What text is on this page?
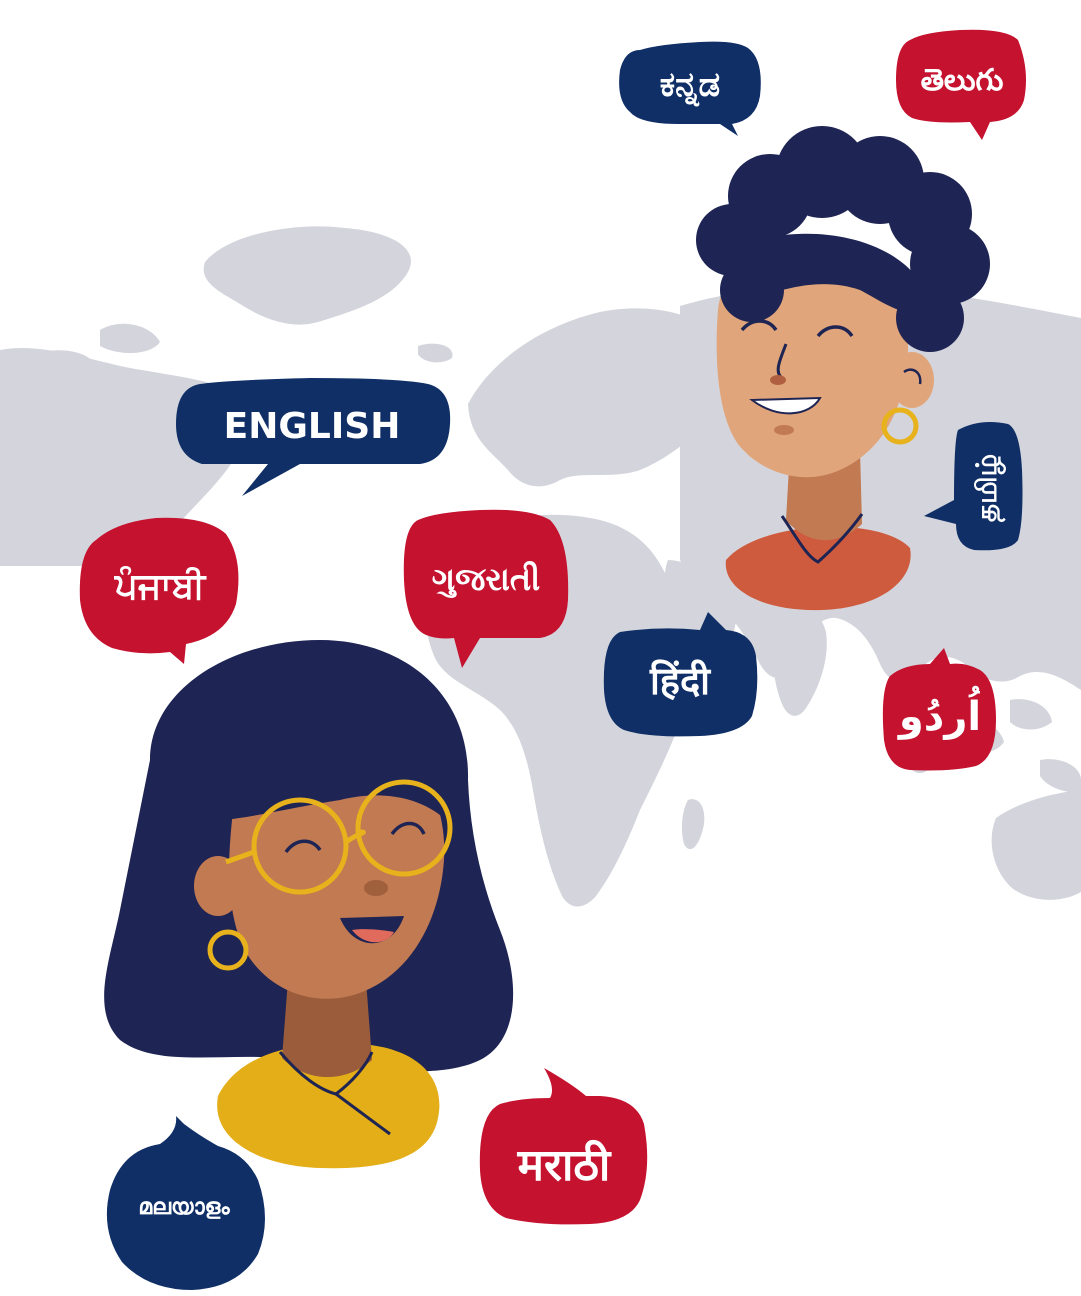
ಕನ್ನಡ	తెలుగు
ENGLISH
தமிழ்
ਪੰਜਾਬੀ	ગુજરાતી
हिंदी
اُردُو
मराठी
മലയാളം
